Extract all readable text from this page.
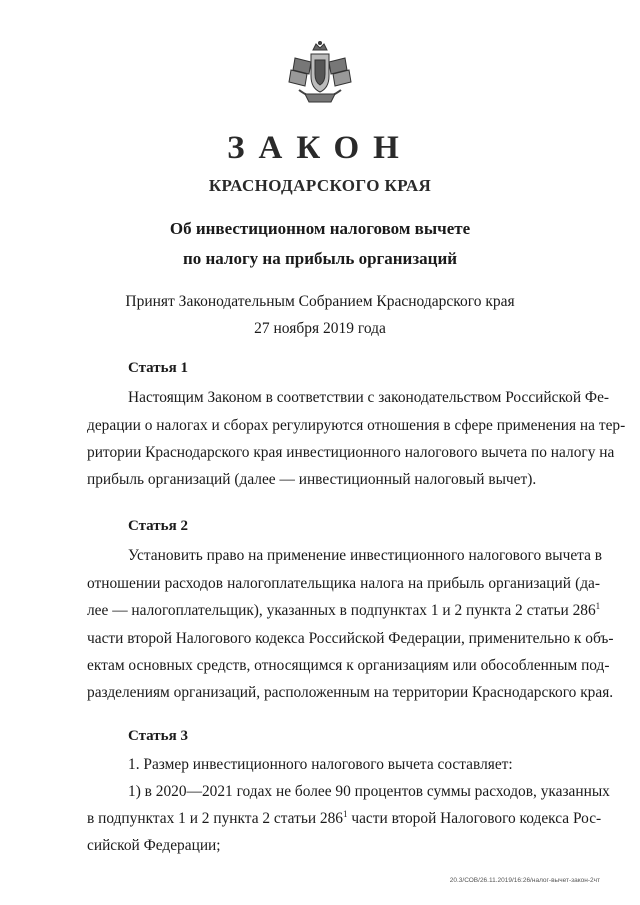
ЗАКОН
КРАСНОДАРСКОГО КРАЯ
Об инвестиционном налоговом вычете
по налогу на прибыль организаций
Принят Законодательным Собранием Краснодарского края
27 ноября 2019 года
Статья 1
Настоящим Законом в соответствии с законодательством Российской Фе-
дерации о налогах и сборах регулируются отношения в сфере применения на тер-
ритории Краснодарского края инвестиционного налогового вычета по налогу на
прибыль организаций (далее — инвестиционный налоговый вычет).
Статья 2
Установить право на применение инвестиционного налогового вычета в
отношении расходов налогоплательщика налога на прибыль организаций (да-
лее — налогоплательщик), указанных в подпунктах 1 и 2 пункта 2 статьи $286^1$
части второй Налогового кодекса Российской Федерации, применительно к объ-
ектам основных средств, относящимся к организациям или обособленным под-
разделениям организаций, расположенным на территории Краснодарского края.
Статья 3
1. Размер инвестиционного налогового вычета составляет:
1) в 2020—2021 годах не более 90 процентов суммы расходов, указанных
в подпунктах 1 и 2 пункта 2 статьи $286^1$ части второй Налогового кодекса Рос-
сийской Федерации;
20.3/СОВ/26.11.2019/16:26/налог-вычет-закон-2чт
